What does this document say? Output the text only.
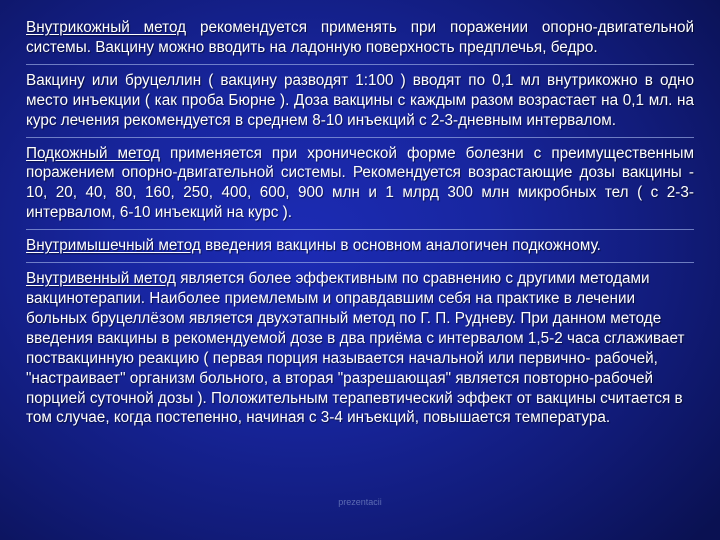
Внутрикожный метод рекомендуется применять при поражении опорно-двигательной системы. Вакцину можно вводить на ладонную поверхность предплечья, бедро.

Вакцину или бруцеллин ( вакцину разводят 1:100 ) вводят по 0,1 мл внутрикожно в одно место инъекции ( как проба Бюрне ). Доза вакцины с каждым разом возрастает на 0,1 мл. на курс лечения рекомендуется в среднем 8-10 инъекций с 2-3-дневным интервалом.

Подкожный метод применяется при хронической форме болезни с преимущественным поражением опорно-двигательной системы. Рекомендуется возрастающие дозы вакцины - 10, 20, 40, 80, 160, 250, 400, 600, 900 млн и 1 млрд 300 млн микробных тел ( с 2-3- интервалом, 6-10 инъекций на курс ).

Внутримышечный метод введения вакцины в основном аналогичен подкожному.

Внутривенный метод является более эффективным по сравнению с другими методами вакцинотерапии. Наиболее приемлемым и оправдавшим себя на практике в лечении больных бруцеллёзом является двухэтапный метод по Г. П. Рудневу. При данном методе введения вакцины в рекомендуемой дозе в два приёма с интервалом 1,5-2 часа сглаживает поствакцинную реакцию ( первая порция называется начальной или первично- рабочей, "настраивает" организм больного, а вторая "разрешающая" является повторно-рабочей порцией суточной дозы ). Положительным терапевтический эффект от вакцины считается в том случае, когда постепенно, начиная с 3-4 инъекций, повышается температура.

prezentacii
